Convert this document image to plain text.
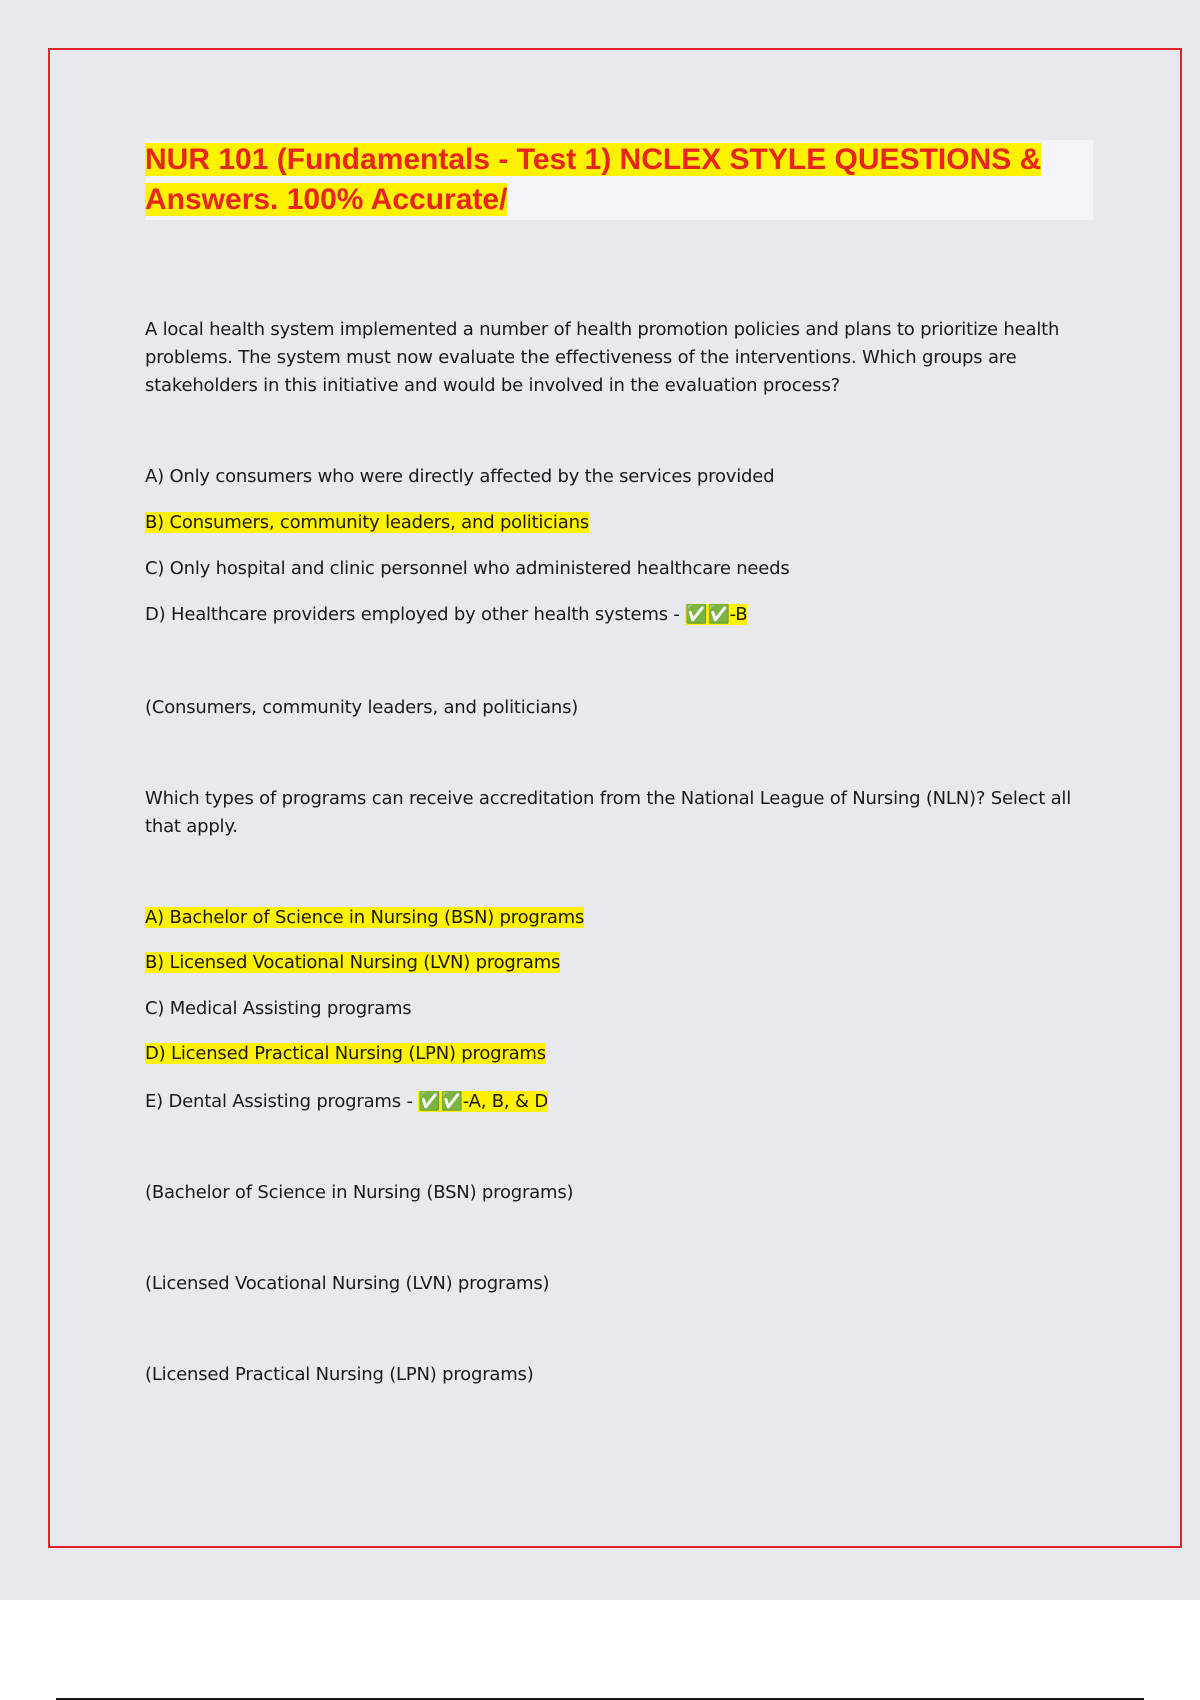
NUR 101 (Fundamentals - Test 1) NCLEX STYLE QUESTIONS &
Answers. 100% Accurate/

A local health system implemented a number of health promotion policies and plans to prioritize health problems. The system must now evaluate the effectiveness of the interventions. Which groups are stakeholders in this initiative and would be involved in the evaluation process?

A) Only consumers who were directly affected by the services provided
B) Consumers, community leaders, and politicians
C) Only hospital and clinic personnel who administered healthcare needs
D) Healthcare providers employed by other health systems - ✅✅-B
(Consumers, community leaders, and politicians)

Which types of programs can receive accreditation from the National League of Nursing (NLN)? Select all that apply.

A) Bachelor of Science in Nursing (BSN) programs
B) Licensed Vocational Nursing (LVN) programs
C) Medical Assisting programs
D) Licensed Practical Nursing (LPN) programs
E) Dental Assisting programs - ✅✅-A, B, & D
(Bachelor of Science in Nursing (BSN) programs)
(Licensed Vocational Nursing (LVN) programs)
(Licensed Practical Nursing (LPN) programs)
